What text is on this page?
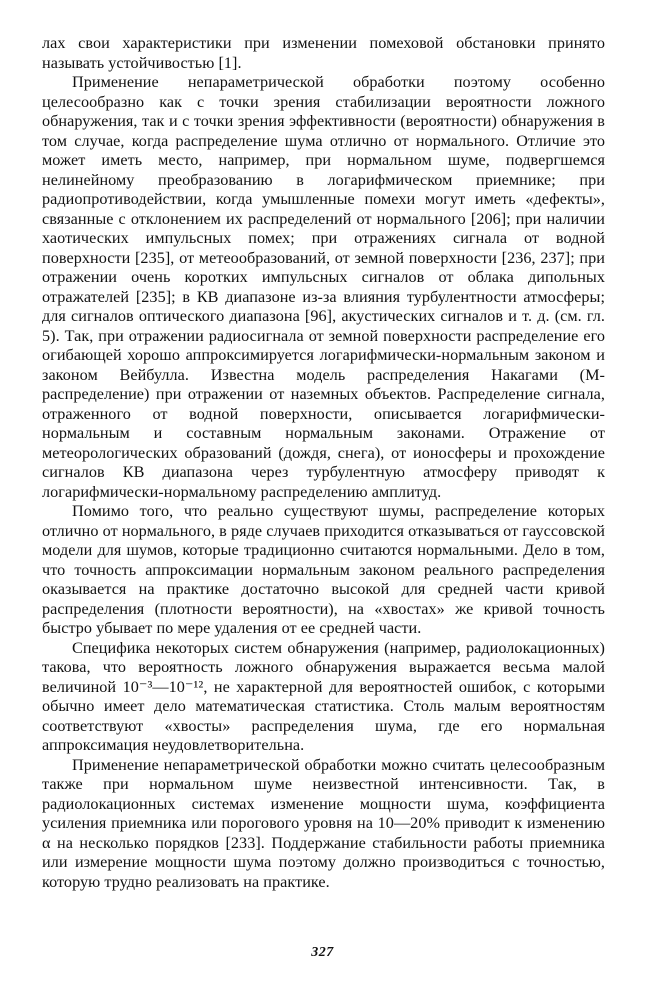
лах свои характеристики при изменении помеховой обстановки принято называть устойчивостью [1].

Применение непараметрической обработки поэтому особенно целесообразно как с точки зрения стабилизации вероятности ложного обнаружения, так и с точки зрения эффективности (вероятности) обнаружения в том случае, когда распределение шума отлично от нормального. Отличие это может иметь место, например, при нормальном шуме, подвергшемся нелинейному преобразованию в логарифмическом приемнике; при радиопротиводействии, когда умышленные помехи могут иметь «дефекты», связанные с отклонением их распределений от нормального [206]; при наличии хаотических импульсных помех; при отражениях сигнала от водной поверхности [235], от метеообразований, от земной поверхности [236, 237]; при отражении очень коротких импульсных сигналов от облака дипольных отражателей [235]; в КВ диапазоне из-за влияния турбулентности атмосферы; для сигналов оптического диапазона [96], акустических сигналов и т. д. (см. гл. 5). Так, при отражении радиосигнала от земной поверхности распределение его огибающей хорошо аппроксимируется логарифмически-нормальным законом и законом Вейбулла. Известна модель распределения Накагами (M-распределение) при отражении от наземных объектов. Распределение сигнала, отраженного от водной поверхности, описывается логарифмически-нормальным и составным нормальным законами. Отражение от метеорологических образований (дождя, снега), от ионосферы и прохождение сигналов КВ диапазона через турбулентную атмосферу приводят к логарифмически-нормальному распределению амплитуд.

Помимо того, что реально существуют шумы, распределение которых отлично от нормального, в ряде случаев приходится отказываться от гауссовской модели для шумов, которые традиционно считаются нормальными. Дело в том, что точность аппроксимации нормальным законом реального распределения оказывается на практике достаточно высокой для средней части кривой распределения (плотности вероятности), на «хвостах» же кривой точность быстро убывает по мере удаления от ее средней части.

Специфика некоторых систем обнаружения (например, радиолокационных) такова, что вероятность ложного обнаружения выражается весьма малой величиной 10⁻³—10⁻¹², не характерной для вероятностей ошибок, с которыми обычно имеет дело математическая статистика. Столь малым вероятностям соответствуют «хвосты» распределения шума, где его нормальная аппроксимация неудовлетворительна.

Применение непараметрической обработки можно считать целесообразным также при нормальном шуме неизвестной интенсивности. Так, в радиолокационных системах изменение мощности шума, коэффициента усиления приемника или порогового уровня на 10—20% приводит к изменению α на несколько порядков [233]. Поддержание стабильности работы приемника или измерение мощности шума поэтому должно производиться с точностью, которую трудно реализовать на практике.

327
